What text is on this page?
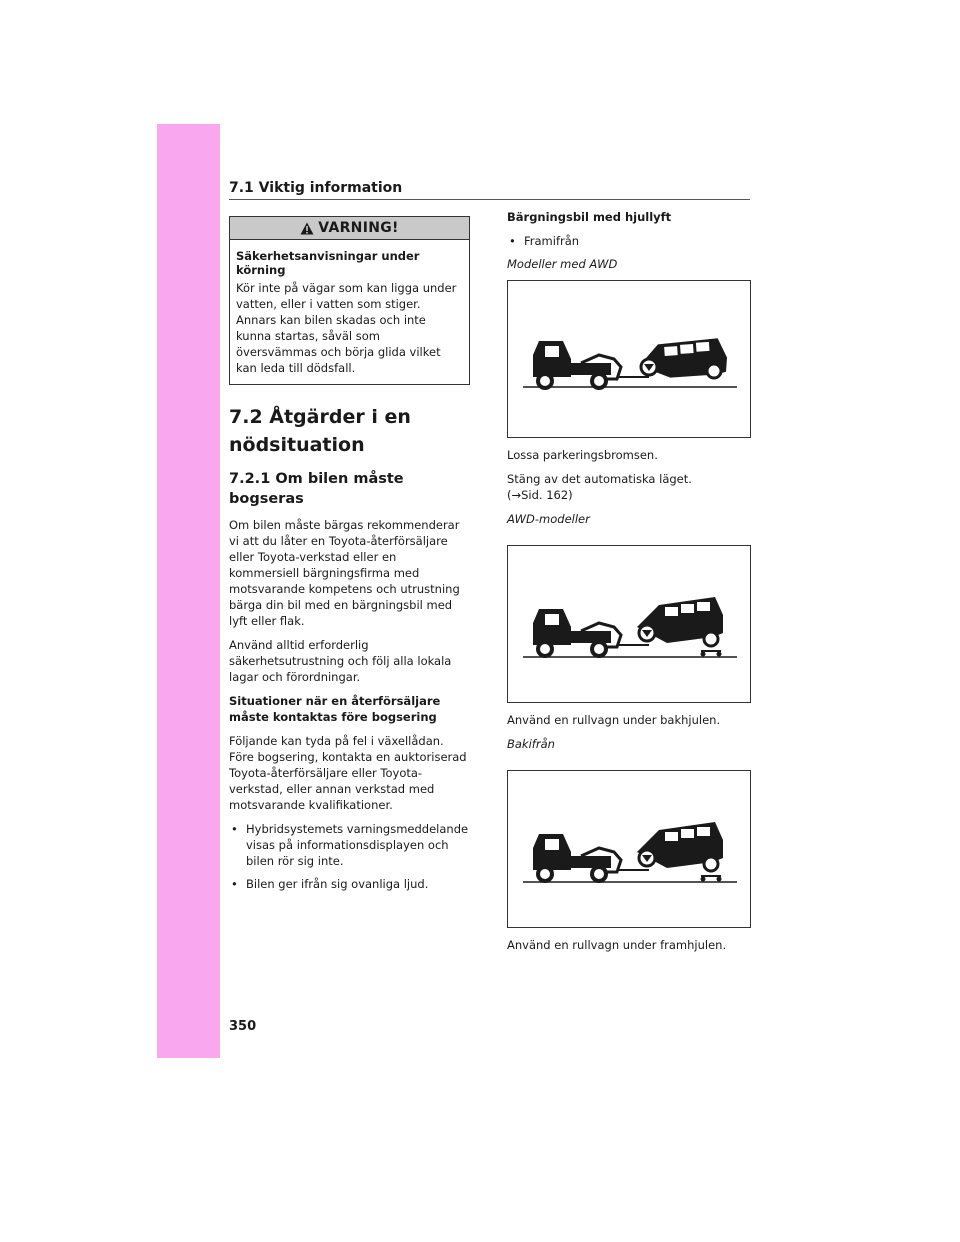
7.1 Viktig information
VARNING!
Säkerhetsanvisningar under körning
Kör inte på vägar som kan ligga under vatten, eller i vatten som stiger. Annars kan bilen skadas och inte kunna startas, såväl som översvämmas och börja glida vilket kan leda till dödsfall.
7.2 Åtgärder i en
nödsituation
7.2.1 Om bilen måste bogseras

Om bilen måste bärgas rekommenderar vi att du låter en Toyota-återförsäljare eller Toyota-verkstad eller en kommersiell bärgningsfirma med motsvarande kompetens och utrustning bärga din bil med en bärgningsbil med lyft eller flak.

Använd alltid erforderlig säkerhetsutrustning och följ alla lokala lagar och förordningar.

Situationer när en återförsäljare måste kontaktas före bogsering

Följande kan tyda på fel i växellådan. Före bogsering, kontakta en auktoriserad Toyota-återförsäljare eller Toyota-verkstad, eller annan verkstad med motsvarande kvalifikationer.

• Hybridsystemets varningsmeddelande visas på informationsdisplayen och bilen rör sig inte.
• Bilen ger ifrån sig ovanliga ljud.

Bärgningsbil med hjullyft

• Framifrån

Modeller med AWD

Lossa parkeringsbromsen.

Stäng av det automatiska läget.
(→Sid. 162)

AWD-modeller

Använd en rullvagn under bakhjulen.

Bakifrån

Använd en rullvagn under framhjulen.

350
